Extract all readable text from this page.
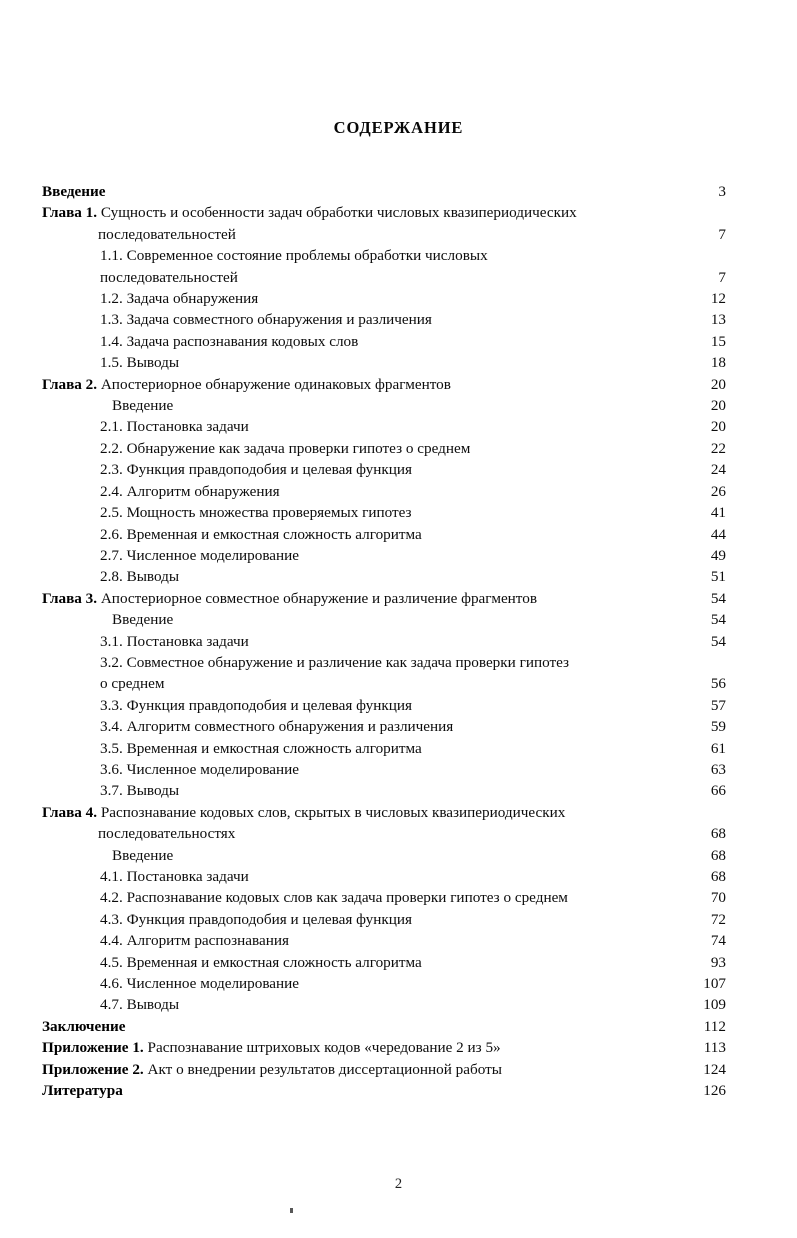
СОДЕРЖАНИЕ
Введение	3
Глава 1. Сущность и особенности задач обработки числовых квазипериодических
последовательностей	7
1.1. Современное состояние проблемы обработки числовых
последовательностей	7
1.2. Задача обнаружения	12
1.3. Задача совместного обнаружения и различения	13
1.4. Задача распознавания кодовых слов	15
1.5. Выводы	18
Глава 2. Апостериорное обнаружение одинаковых фрагментов	20
Введение	20
2.1. Постановка задачи	20
2.2. Обнаружение как задача проверки гипотез о среднем	22
2.3. Функция правдоподобия и целевая функция	24
2.4. Алгоритм обнаружения	26
2.5. Мощность множества проверяемых гипотез	41
2.6. Временная и емкостная сложность алгоритма	44
2.7. Численное моделирование	49
2.8. Выводы	51
Глава 3. Апостериорное совместное обнаружение и различение фрагментов	54
Введение	54
3.1. Постановка задачи	54
3.2. Совместное обнаружение и различение как задача проверки гипотез
о среднем	56
3.3. Функция правдоподобия и целевая функция	57
3.4. Алгоритм совместного обнаружения и различения	59
3.5. Временная и емкостная сложность алгоритма	61
3.6. Численное моделирование	63
3.7. Выводы	66
Глава 4. Распознавание кодовых слов, скрытых в числовых квазипериодических
последовательностях	68
Введение	68
4.1. Постановка задачи	68
4.2. Распознавание кодовых слов как задача проверки гипотез о среднем	70
4.3. Функция правдоподобия и целевая функция	72
4.4. Алгоритм распознавания	74
4.5. Временная и емкостная сложность алгоритма	93
4.6. Численное моделирование	107
4.7. Выводы	109
Заключение	112
Приложение 1. Распознавание штриховых кодов «чередование 2 из 5»	113
Приложение 2. Акт о внедрении результатов диссертационной работы	124
Литература	126
2
